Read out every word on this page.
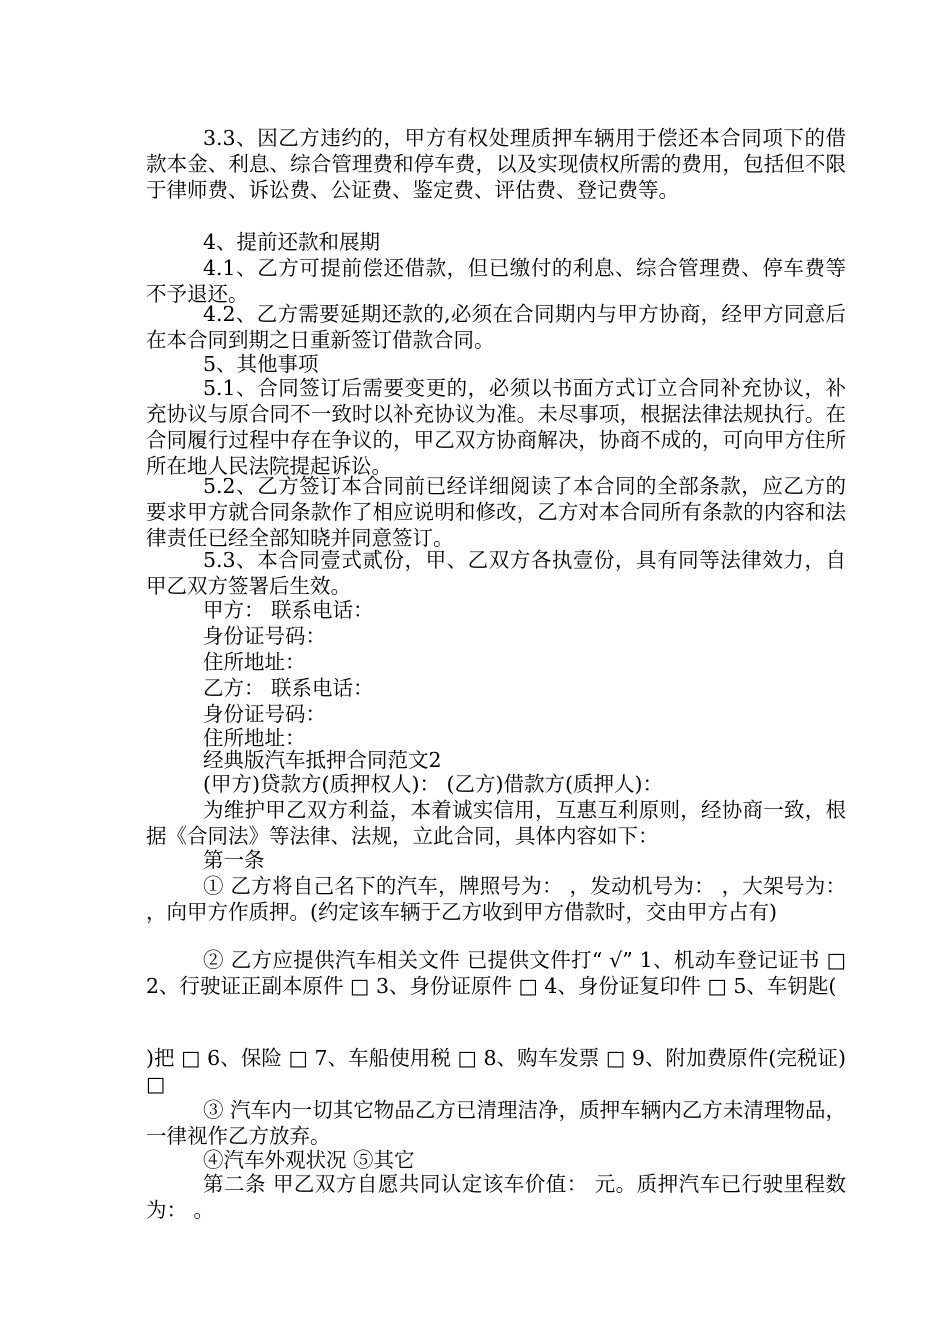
3.3、因乙方违约的，甲方有权处理质押车辆用于偿还本合同项下的借款本金、利息、综合管理费和停车费，以及实现债权所需的费用，包括但不限于律师费、诉讼费、公证费、鉴定费、评估费、登记费等。

4、提前还款和展期

4.1、乙方可提前偿还借款，但已缴付的利息、综合管理费、停车费等不予退还。

4.2、乙方需要延期还款的,必须在合同期内与甲方协商，经甲方同意后在本合同到期之日重新签订借款合同。

5、其他事项

5.1、合同签订后需要变更的，必须以书面方式订立合同补充协议，补充协议与原合同不一致时以补充协议为准。未尽事项，根据法律法规执行。在合同履行过程中存在争议的，甲乙双方协商解决，协商不成的，可向甲方住所所在地人民法院提起诉讼。

5.2、乙方签订本合同前已经详细阅读了本合同的全部条款，应乙方的要求甲方就合同条款作了相应说明和修改，乙方对本合同所有条款的内容和法律责任已经全部知晓并同意签订。

5.3、本合同壹式贰份，甲、乙双方各执壹份，具有同等法律效力，自甲乙双方签署后生效。

甲方： 联系电话：

身份证号码：

住所地址：

乙方： 联系电话：

身份证号码：

住所地址：

经典版汽车抵押合同范文2

(甲方)贷款方(质押权人)： (乙方)借款方(质押人)：

为维护甲乙双方利益，本着诚实信用，互惠互利原则，经协商一致，根据《合同法》等法律、法规，立此合同，具体内容如下：

第一条

① 乙方将自己名下的汽车，牌照号为： ，发动机号为： ，大架号为： ，向甲方作质押。(约定该车辆于乙方收到甲方借款时，交由甲方占有)

② 乙方应提供汽车相关文件 已提供文件打“ √” 1、机动车登记证书 □ 2、行驶证正副本原件 □ 3、身份证原件 □ 4、身份证复印件 □ 5、车钥匙(

)把 □ 6、保险 □ 7、车船使用税 □ 8、购车发票 □ 9、附加费原件(完税证) □

③ 汽车内一切其它物品乙方已清理洁净，质押车辆内乙方未清理物品，一律视作乙方放弃。

④汽车外观状况 ⑤其它

第二条 甲乙双方自愿共同认定该车价值： 元。质押汽车已行驶里程数为： 。
